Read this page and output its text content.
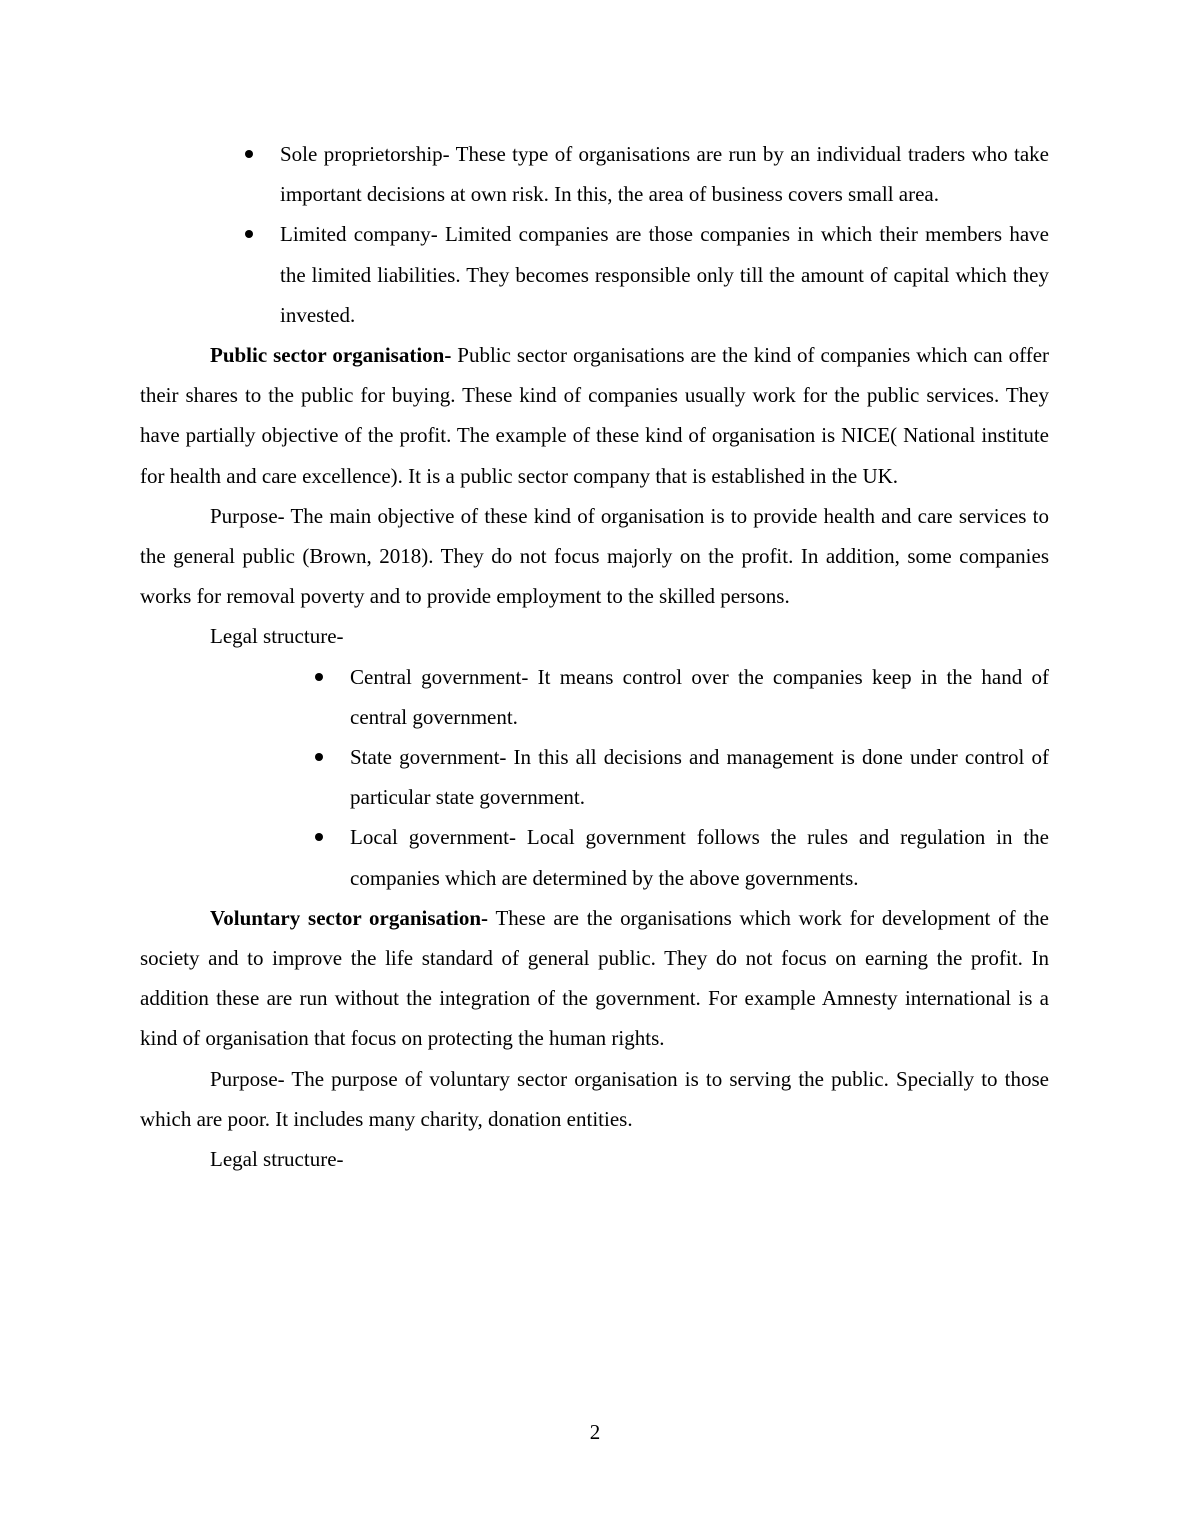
Sole proprietorship- These type of organisations are run by an individual traders who take important decisions at own risk. In this, the area of business covers small area.
Limited company- Limited companies are those companies in which their members have the limited liabilities. They becomes responsible only till the amount of capital which they invested.

Public sector organisation- Public sector organisations are the kind of companies which can offer their shares to the public for buying. These kind of companies usually work for the public services. They have partially objective of the profit. The example of these kind of organisation is NICE( National institute for health and care excellence). It is a public sector company that is established in the UK.

Purpose- The main objective of these kind of organisation is to provide health and care services to the general public (Brown, 2018). They do not focus majorly on the profit. In addition, some companies works for removal poverty and to provide employment to the skilled persons.

Legal structure-

Central government- It means control over the companies keep in the hand of central government.
State government- In this all decisions and management is done under control of particular state government.
Local government- Local government follows the rules and regulation in the companies which are determined by the above governments.

Voluntary sector organisation- These are the organisations which work for development of the society and to improve the life standard of general public. They do not focus on earning the profit. In addition these are run without the integration of the government. For example Amnesty international is a kind of organisation that focus on protecting the human rights.

Purpose- The purpose of voluntary sector organisation is to serving the public. Specially to those which are poor. It includes many charity, donation entities.

Legal structure-

2
